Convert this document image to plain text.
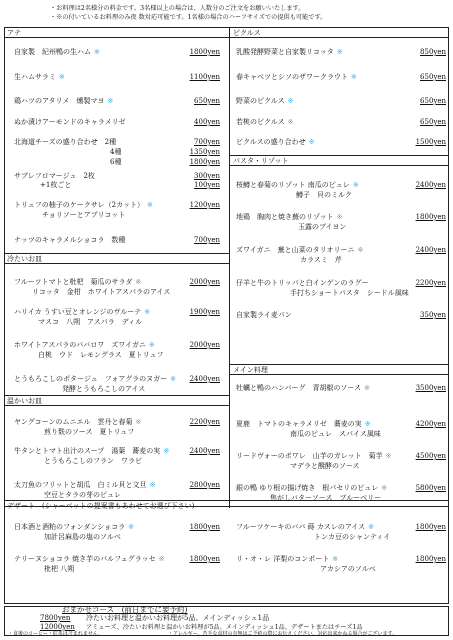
・お料理は2名様分の料金です。3名様以上の場合は、人数分のご注文をお願いいたします。
・※の付いているお料理のみ夜 数対応可能です。1名様の場合のハーフサイズでの提供も可能です。
アテ
自家製　紀州鴨の生ハム ※	1800yen
生ハムサラミ ※	1100yen
鶏ハツのアタリメ　燻製マヨ ※	650yen
ぬか漬けアーモンドのキャラメリゼ	400yen
北海道チーズの盛り合わせ　2種	700yen
4種	1350yen
6種	1800yen
サブレフロマージュ　2枚	300yen
+1枚ごと	100yen
トリュフの柚子のケークサレ（2カット） ※	1200yen
チョリソーとアプリコット
ナッツのキャラメルショコラ　数種	700yen
冷たいお皿
フルーツトマトと枇杷　菊瓜のサラダ ※	2000yen
リコッタ　金柑　ホワイトアスパラのアイス
ハリイカ うすい豆とオレンジのヴルーテ ※	1900yen
マスコ　八朔　アスパラ　ディル
ホワイトアスパラのババロワ　ズワイガニ ※	2000yen
白桃　ウド　レモングラス　夏トリュフ
とうもろこしのポタージュ　フォアグラのヌガー ※ 2400yen
発酵とうもろこしのアイス
温かいお皿
ヤングコーンのムニエル　雲丹と春菊 ※	2200yen
煎り麩のソース　夏トリュフ
牛タンとトマト出汁のスープ　湯葉　蕎麦の実 ※	2400yen
とうもろこしのフラン　ワラビ
太刀魚のフリットと胡瓜　白ミル貝と文旦 ※	2800yen
空豆とタラの芽のピュレ
ピクルス
乳酸発酵野菜と自家製リコッタ ※	850yen
春キャベツとシソのザワークラウト ※	650yen
野菜のピクルス ※	650yen
若桃のピクルス ※	650yen
ピクルスの盛り合わせ ※	1500yen
パスタ・リゾット
桜鱒と春菊のリゾット 南瓜のピュレ ※	2400yen
鱒子　貝のミルク
地鶏　胸肉と焼き蕪のリゾット ※	1800yen
玉露のブイヨン
ズワイガニ　蕪と山菜のタリオリーニ ※	2400yen
カラスミ　芹
仔羊と牛のトリッパと白インゲンのラグー	2200yen
手打ちショートパスタ　シードル風味
自家製ライ麦パン	350yen
メイン料理
牡蠣と鴨のハンバーグ　青胡椒のソース ※	3500yen
夏鹿　トマトのキャラメリゼ　蕎麦の実 ※	4200yen
南瓜のピュレ　スパイス風味
リードヴォーのポワレ　山芋のガレット　菊芋 ※	4500yen
マデラと醗酵のソース
銀の鴨 ゆり根の揚げ焼き　根パセリのピュレ ※	5800yen
焦がしバターソース　ブルーベリー
デザート　(シャーベットの提案書もあわせてお選び下さい)
日本酒と酒粕のフォンダンショコラ ※	1800yen
加計呂麻島の塩のソルベ
テリーヌショコラ 焼き芋のパルフェグラッセ ※	1800yen
枇杷 八朔
フルーツケーキのババ 蒔 カスレのアイス ※	1800yen
トンカ豆のシャンティイ
リ・オ・レ 洋梨のコンポート ※	1800yen
アカシアのソルベ
おまかせコース　(前日までに要予約)
7800yen 冷たいお料理と温かいお料理が5品、メインディッシュ1品
12000yen アミューズ、冷たいお料理と温かいお料理が5品、メインディッシュ1品、デザートまたはチーズ1品
・食後のコーヒー・紅茶は含まれません。	・アレルギー、苦手な食材の有無はご予約の際にお伝えください。対応出来かねる場合がございます。
